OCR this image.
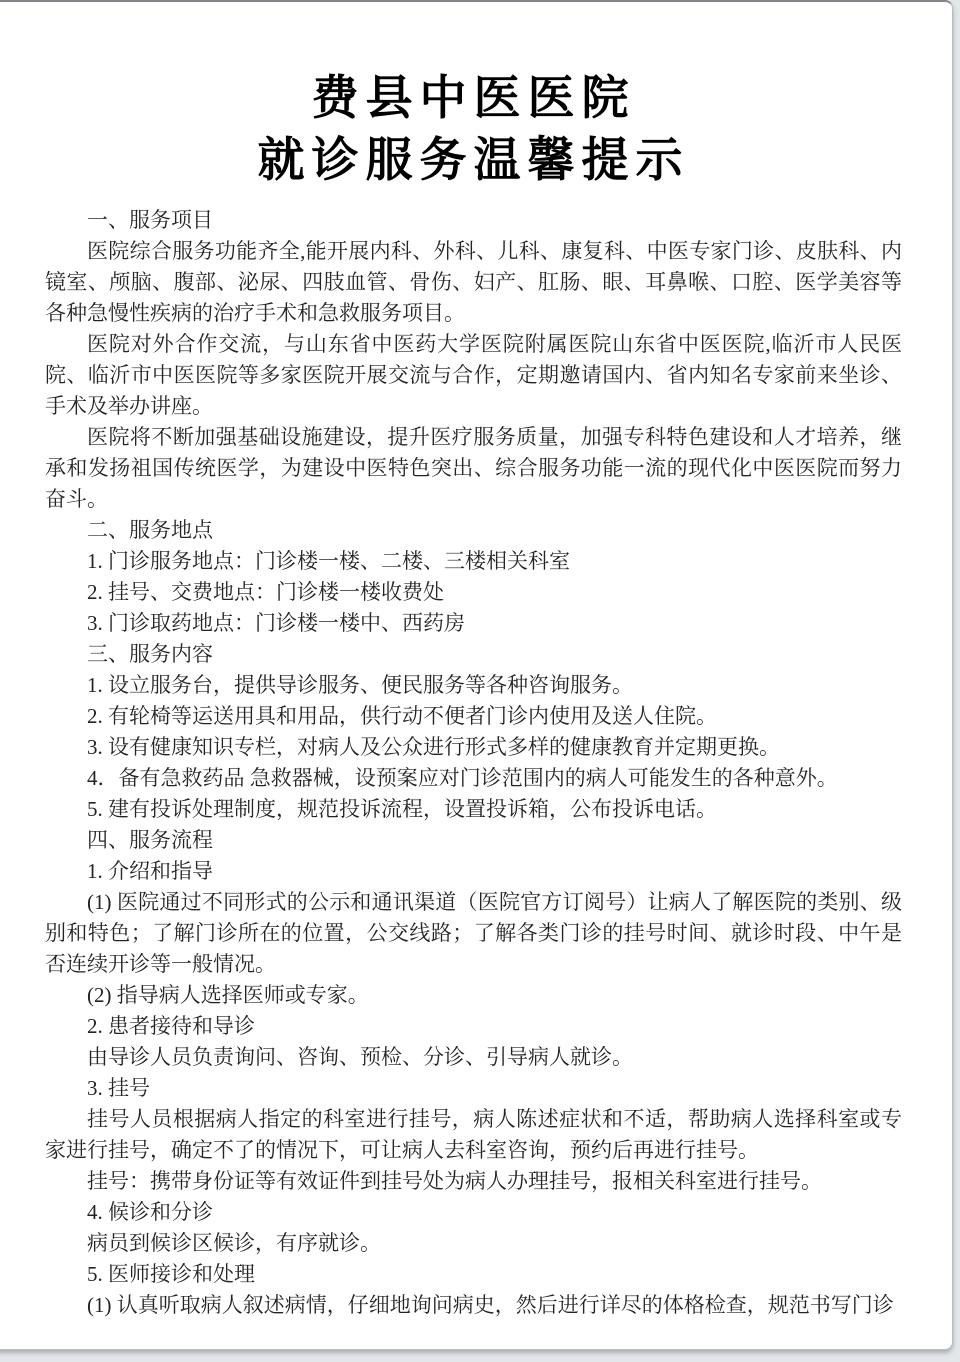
费县中医医院
就诊服务温馨提示

一、服务项目

医院综合服务功能齐全,能开展内科、外科、儿科、康复科、中医专家门诊、皮肤科、内镜室、颅脑、腹部、泌尿、四肢血管、骨伤、妇产、肛肠、眼、耳鼻喉、口腔、医学美容等各种急慢性疾病的治疗手术和急救服务项目。

医院对外合作交流，与山东省中医药大学医院附属医院山东省中医医院,临沂市人民医院、临沂市中医医院等多家医院开展交流与合作，定期邀请国内、省内知名专家前来坐诊、手术及举办讲座。

医院将不断加强基础设施建设，提升医疗服务质量，加强专科特色建设和人才培养，继承和发扬祖国传统医学，为建设中医特色突出、综合服务功能一流的现代化中医医院而努力奋斗。

二、服务地点

1. 门诊服务地点：门诊楼一楼、二楼、三楼相关科室

2. 挂号、交费地点：门诊楼一楼收费处

3. 门诊取药地点：门诊楼一楼中、西药房

三、服务内容

1. 设立服务台，提供导诊服务、便民服务等各种咨询服务。

2. 有轮椅等运送用具和用品，供行动不便者门诊内使用及送人住院。

3. 设有健康知识专栏，对病人及公众进行形式多样的健康教育并定期更换。

4．备有急救药品 急救器械，设预案应对门诊范围内的病人可能发生的各种意外。

5. 建有投诉处理制度，规范投诉流程，设置投诉箱，公布投诉电话。

四、服务流程

1. 介绍和指导

(1) 医院通过不同形式的公示和通讯渠道（医院官方订阅号）让病人了解医院的类别、级别和特色；了解门诊所在的位置，公交线路；了解各类门诊的挂号时间、就诊时段、中午是否连续开诊等一般情况。

(2) 指导病人选择医师或专家。

2. 患者接待和导诊

由导诊人员负责询问、咨询、预检、分诊、引导病人就诊。

3. 挂号

挂号人员根据病人指定的科室进行挂号，病人陈述症状和不适，帮助病人选择科室或专家进行挂号，确定不了的情况下，可让病人去科室咨询，预约后再进行挂号。

挂号：携带身份证等有效证件到挂号处为病人办理挂号，报相关科室进行挂号。

4. 候诊和分诊

病员到候诊区候诊，有序就诊。

5. 医师接诊和处理

(1) 认真听取病人叙述病情，仔细地询问病史，然后进行详尽的体格检查，规范书写门诊
